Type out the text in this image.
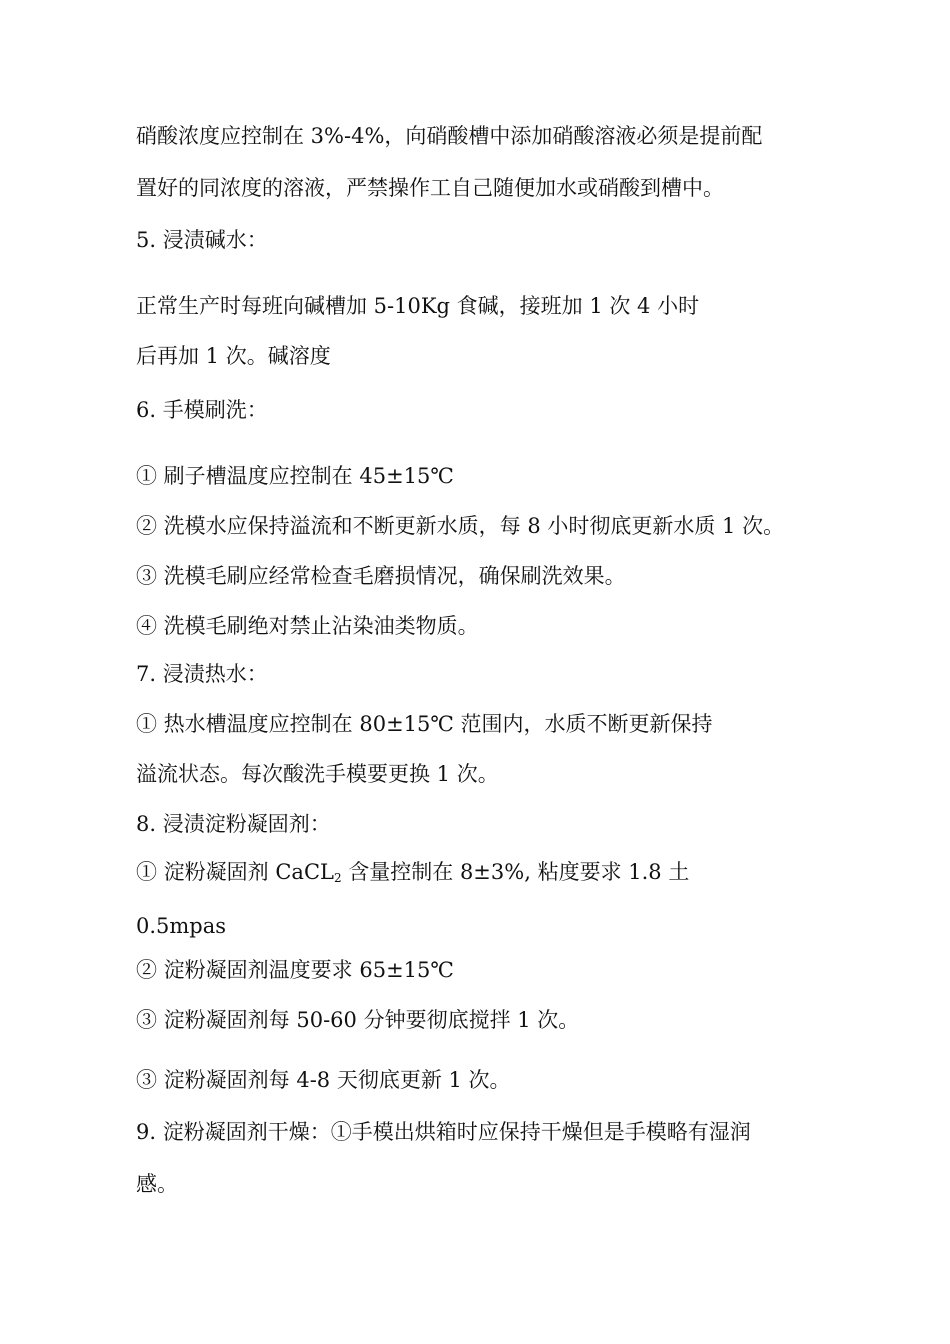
硝酸浓度应控制在 3%-4%，向硝酸槽中添加硝酸溶液必须是提前配

置好的同浓度的溶液，严禁操作工自己随便加水或硝酸到槽中。

5. 浸渍碱水：

正常生产时每班向碱槽加 5-10Kg 食碱，接班加 1 次 4 小时

后再加 1 次。碱溶度

6. 手模刷洗：

① 刷子槽温度应控制在 45±15℃

② 洗模水应保持溢流和不断更新水质，每 8 小时彻底更新水质 1 次。

③ 洗模毛刷应经常检查毛磨损情况，确保刷洗效果。

④ 洗模毛刷绝对禁止沾染油类物质。

7. 浸渍热水：

① 热水槽温度应控制在 80±15℃ 范围内，水质不断更新保持

溢流状态。每次酸洗手模要更换 1 次。

8. 浸渍淀粉凝固剂：

① 淀粉凝固剂 CaCL$_2$ 含量控制在 8±3%, 粘度要求 1.8 土

0.5mpas

② 淀粉凝固剂温度要求 65±15℃

③ 淀粉凝固剂每 50-60 分钟要彻底搅拌 1 次。

③ 淀粉凝固剂每 4-8 天彻底更新 1 次。

9. 淀粉凝固剂干燥：①手模出烘箱时应保持干燥但是手模略有湿润

感。
